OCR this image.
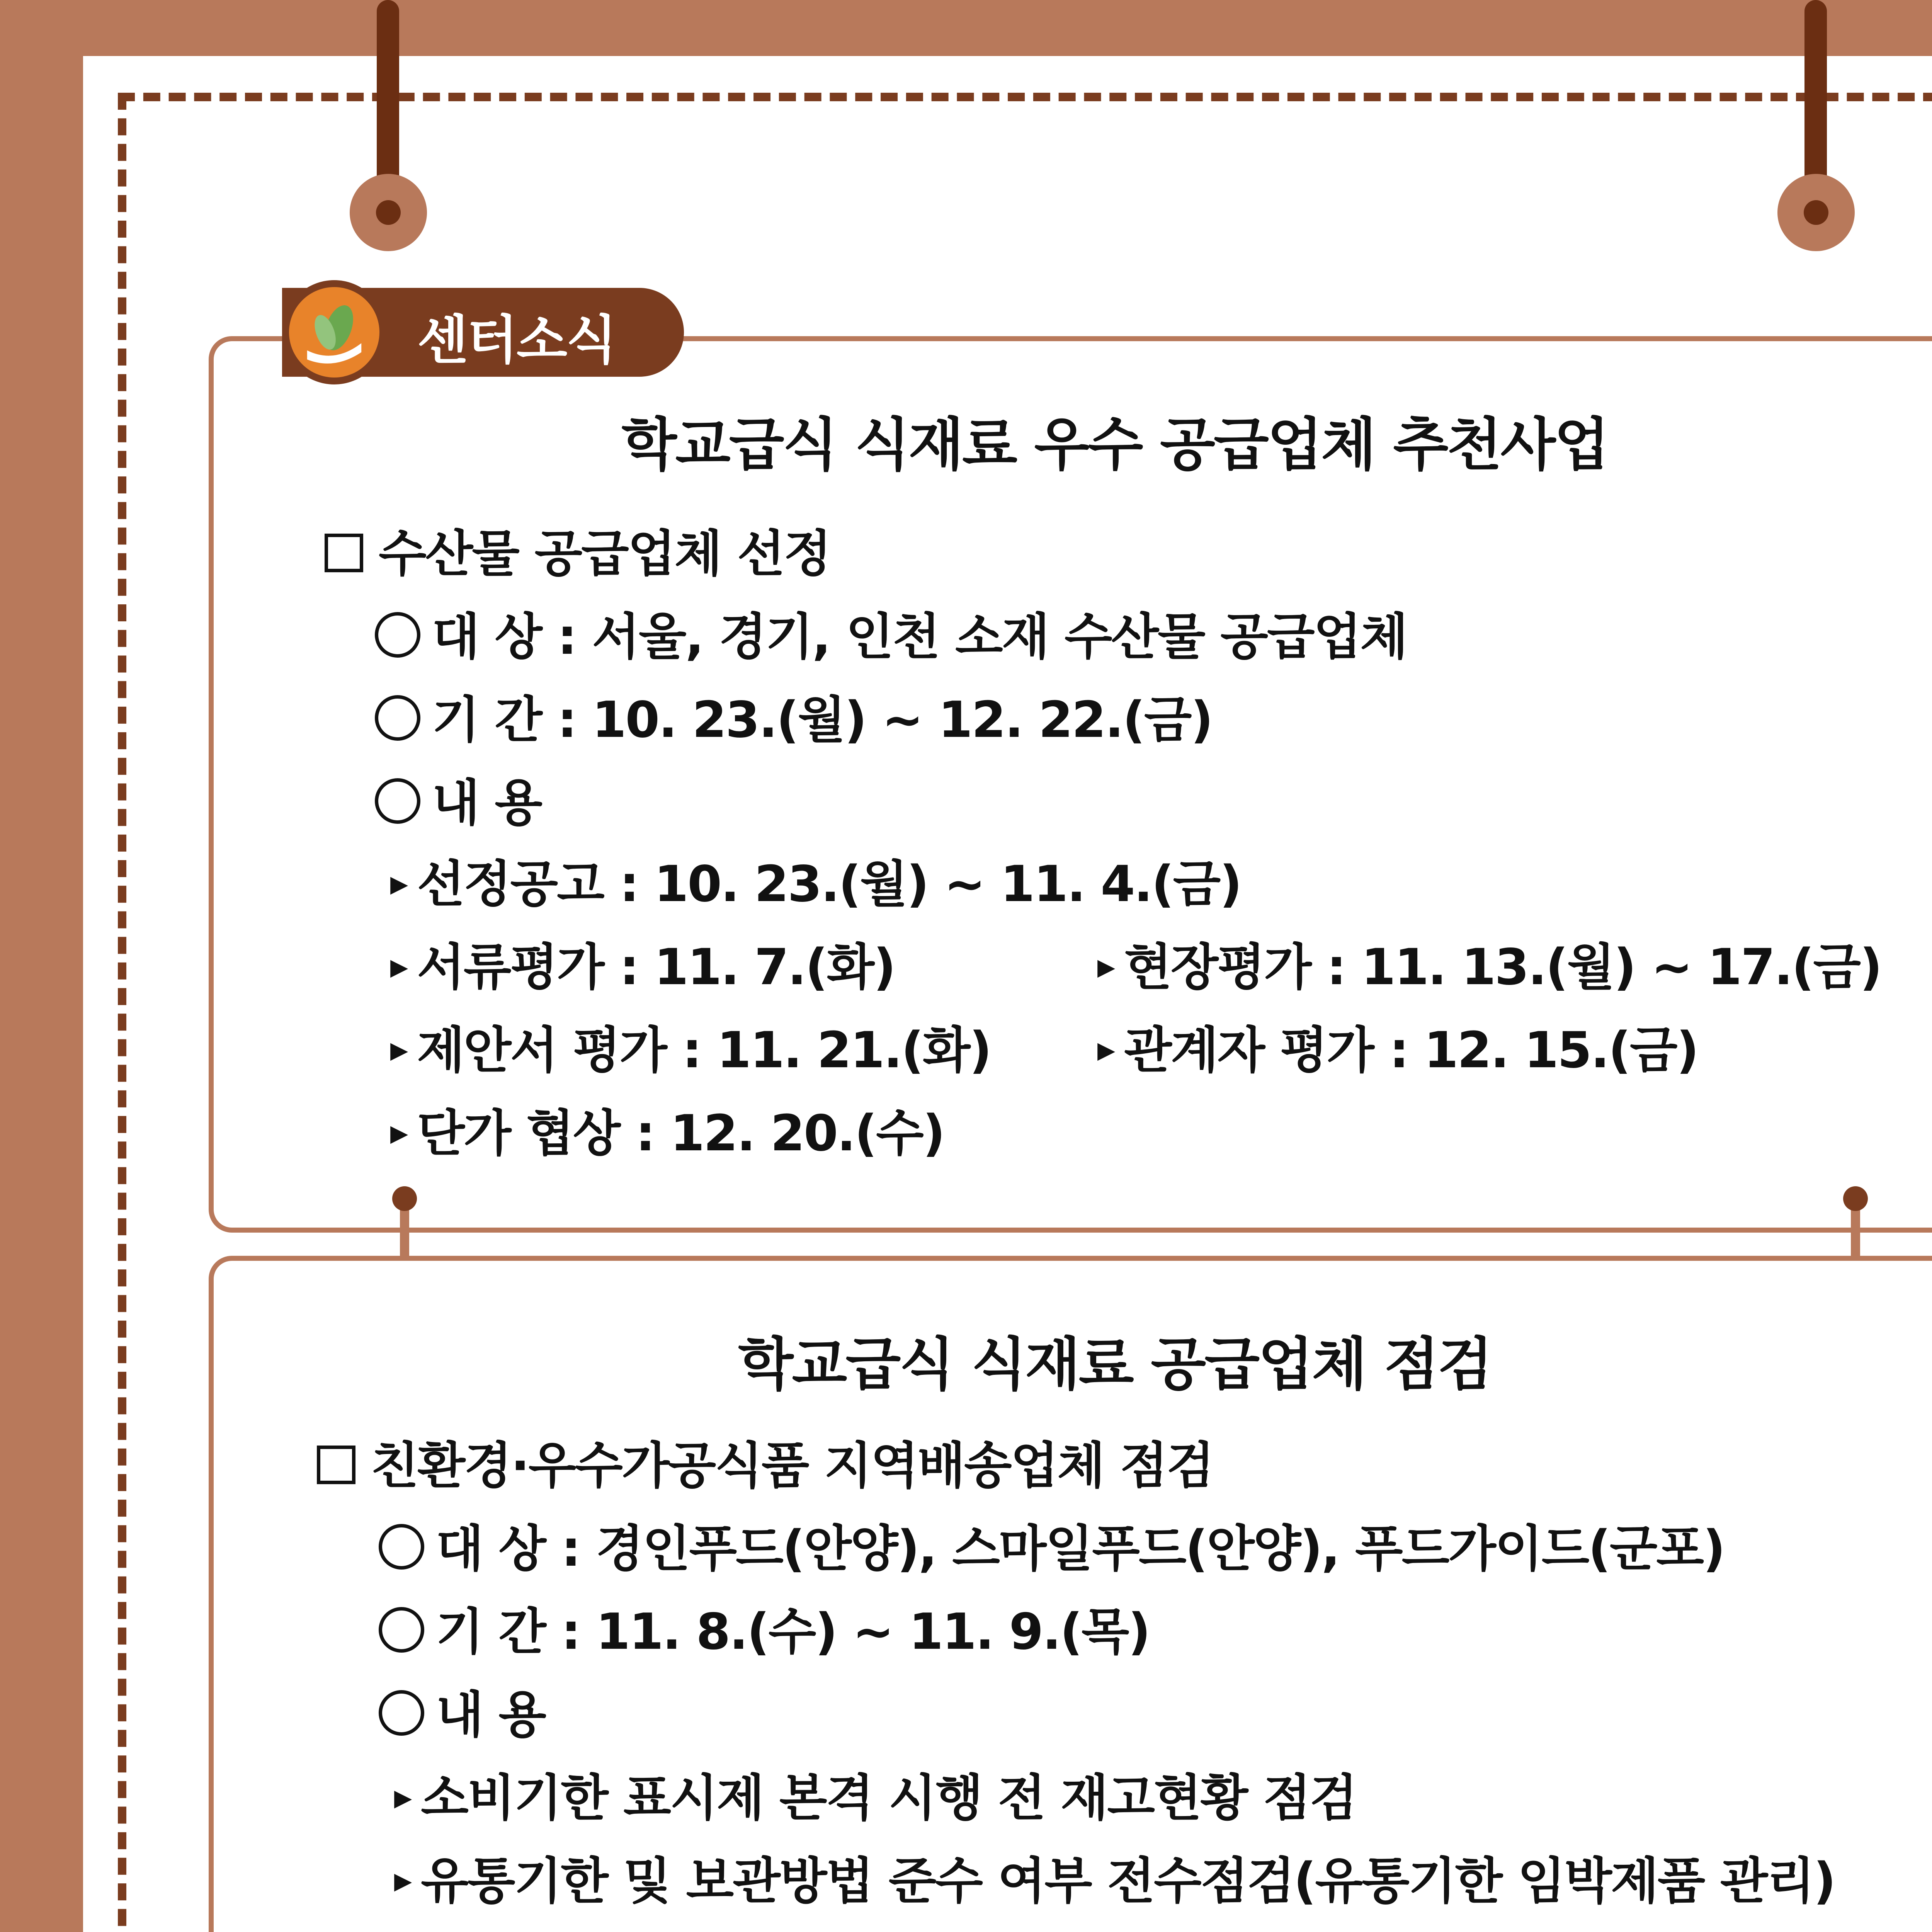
학교급식 식재료 우수 공급업체 추천사업
센터소식
수산물 공급업체 선정
대 상 : 서울, 경기, 인천 소재 수산물 공급업체
기 간 : 10. 23.(월) ~ 12. 22.(금)
내 용
▶ 선정공고 : 10. 23.(월) ~ 11. 4.(금)
▶ 서류평가 : 11. 7.(화)	▶ 현장평가 : 11. 13.(월) ~ 17.(금)
▶ 제안서 평가 : 11. 21.(화)	▶ 관계자 평가 : 12. 15.(금)
▶ 단가 협상 : 12. 20.(수)
학교급식 식재료 공급업체 점검
친환경·우수가공식품 지역배송업체 점검
대 상 : 경인푸드(안양), 스마일푸드(안양), 푸드가이드(군포)
기 간 : 11. 8.(수) ~ 11. 9.(목)
내 용
▶ 소비기한 표시제 본격 시행 전 재고현황 점검
▶ 유통기한 및 보관방법 준수 여부 전수점검(유통기한 임박제품 관리)
